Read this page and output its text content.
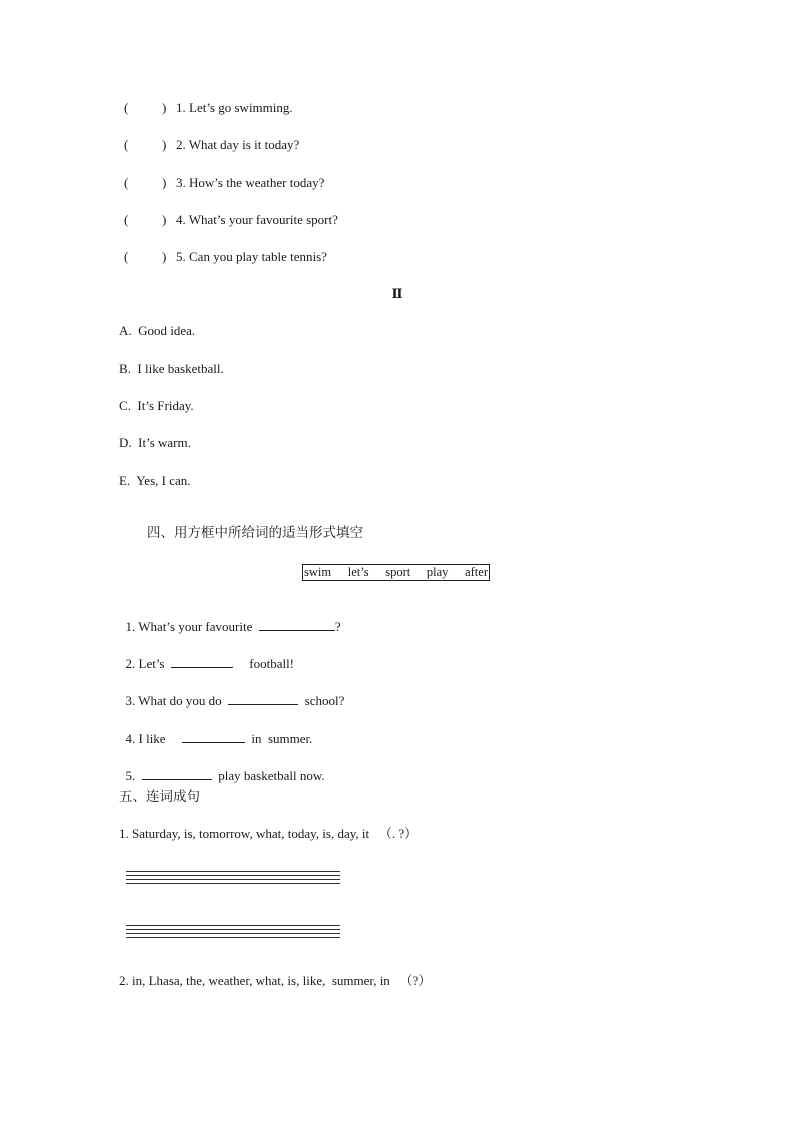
(	) 1. Let’s go swimming.
(	) 2. What day is it today?
(	) 3. How’s the weather today?
(	) 4. What’s your favourite sport?
(	) 5. Can you play table tennis?
Ⅱ
A.  Good idea.
B.  I like basketball.
C.  It’s Friday.
D.  It’s warm.
E.  Yes, I can.
四、用方框中所给词的适当形式填空
swim let’s sport play after

1. What’s your favourite	?

2. Let’s	football!

3. What do you do	school?

4. I like	in  summer.

5.	play basketball now.

五、连词成句
1. Saturday, is, tomorrow, what, today, is, day, it   （. ?）
2. in, Lhasa, the, weather, what, is, like,  summer, in   （?）
